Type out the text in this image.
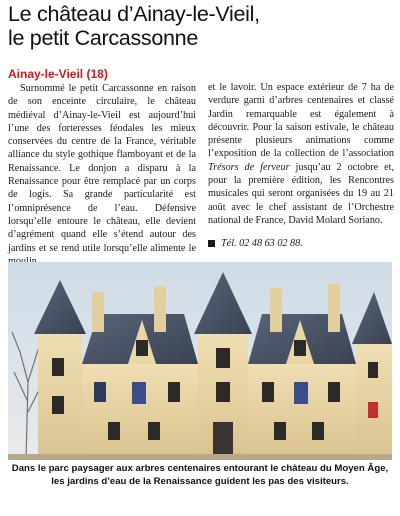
Le château d’Ainay-le-Vieil,
le petit Carcassonne
Ainay-le-Vieil (18)

Surnommé le petit Carcassonne en raison de son enceinte circulaire, le château médiéval d’Ainay-le-Vieil est aujourd’hui l’une des forteresses féodales les mieux conservées du centre de la France, véritable alliance du style gothique flamboyant et de la Renaissance. Le donjon a disparu à la Renaissance pour être remplacé par un corps de logis. Sa grande particularité est l’omniprésence de l’eau. Défensive lorsqu’elle entoure le château, elle devient d’agrément quand elle s’étend autour des jardins et se rend utile lorsqu’elle alimente le

et le lavoir. Un espace extérieur de 7 ha de verdure garni d’arbres centenaires et classé Jardin remarquable est également à découvrir. Pour la saison estivale, le château présente plusieurs animations comme l’exposition de la collection de l’association Trésors de ferveur jusqu’au 2 octobre et, pour la première édition, les Rencontres musicales qui seront organisées du 19 au 21 août avec le chef assistant de l’Orchestre national de France, David Molard Soriano.

Tél. 02 48 63 02 88.
Dans le parc paysager aux arbres centenaires entourant le château du Moyen Âge,
les jardins d’eau de la Renaissance guident les pas des visiteurs.
